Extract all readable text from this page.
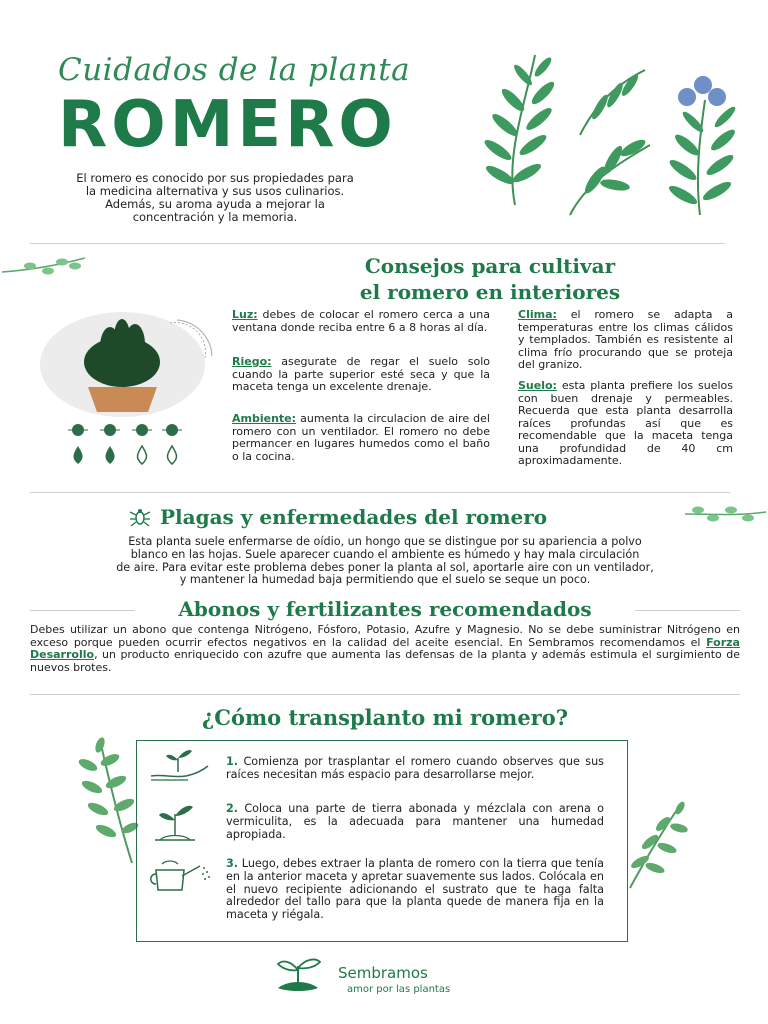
Cuidados de la planta
ROMERO
El romero es conocido por sus propiedades para
la medicina alternativa y sus usos culinarios.
Además, su aroma ayuda a mejorar la
concentración y la memoria.
Consejos para cultivar
el romero en interiores
Luz: debes de colocar el romero cerca a una ventana donde reciba entre 6 a 8 horas al día.
Riego: asegurate de regar el suelo solo cuando la parte superior esté seca y que la maceta tenga un excelente drenaje.
Ambiente: aumenta la circulacion de aire del romero con un ventilador. El romero no debe permancer en lugares humedos como el baño o la cocina.
Clima: el romero se adapta a temperaturas entre los climas cálidos y templados. También es resistente al clima frío procurando que se proteja del granizo.
Suelo: esta planta prefiere los suelos con buen drenaje y permeables. Recuerda que esta planta desarrolla raíces profundas así que es recomendable que la maceta tenga una profundidad de 40 cm aproximadamente.
Plagas y enfermedades del romero
Esta planta suele enfermarse de oídio, un hongo que se distingue por su apariencia a polvo
blanco en las hojas. Suele aparecer cuando el ambiente es húmedo y hay mala circulación
de aire. Para evitar este problema debes poner la planta al sol, aportarle aire con un ventilador,
y mantener la humedad baja permitiendo que el suelo se seque un poco.
Abonos y fertilizantes recomendados
Debes utilizar un abono que contenga Nitrógeno, Fósforo, Potasio, Azufre y Magnesio. No se debe suministrar Nitrógeno en exceso porque pueden ocurrir efectos negativos en la calidad del aceite esencial. En Sembramos recomendamos el Forza Desarrollo, un producto enriquecido con azufre que aumenta las defensas de la planta y además estimula el surgimiento de nuevos brotes.
¿Cómo transplanto mi romero?
1. Comienza por trasplantar el romero cuando observes que sus raíces necesitan más espacio para desarrollarse mejor.
2. Coloca una parte de tierra abonada y mézclala con arena o vermiculita, es la adecuada para mantener una humedad apropiada.
3. Luego, debes extraer la planta de romero con la tierra que tenía en la anterior maceta y apretar suavemente sus lados. Colócala en el nuevo recipiente adicionando el sustrato que te haga falta alrededor del tallo para que la planta quede de manera fija en la maceta y riégala.
Sembramos
amor por las plantas
